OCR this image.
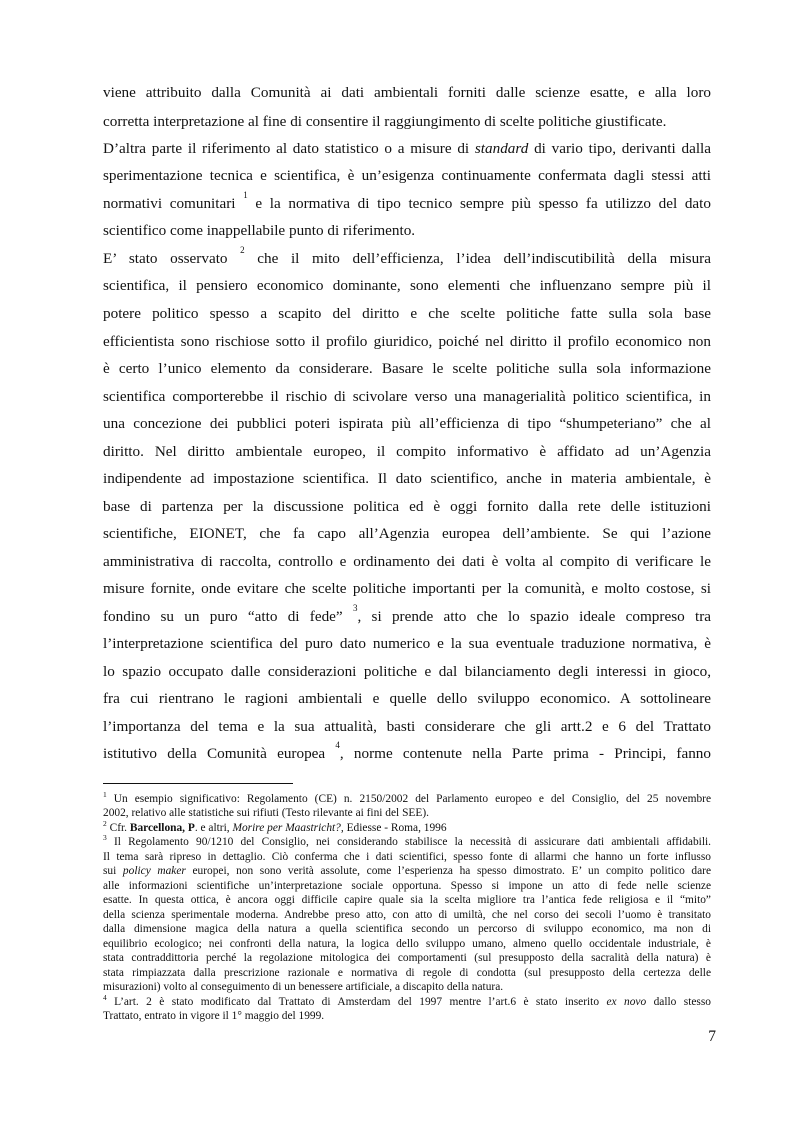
viene attribuito dalla Comunità ai dati ambientali forniti dalle scienze esatte, e alla loro
corretta interpretazione al fine di consentire il raggiungimento di scelte politiche giustificate.
D’altra parte il riferimento al dato statistico o a misure di standard di vario tipo, derivanti dalla
sperimentazione tecnica e scientifica, è un’esigenza continuamente confermata dagli stessi atti
normativi comunitari $^1$ e la normativa di tipo tecnico sempre più spesso fa utilizzo del dato
scientifico come inappellabile punto di riferimento.
E’ stato osservato $^2$ che il mito dell’efficienza, l’idea dell’indiscutibilità della misura
scientifica, il pensiero economico dominante, sono elementi che influenzano sempre più il
potere politico spesso a scapito del diritto e che scelte politiche fatte sulla sola base
efficientista sono rischiose sotto il profilo giuridico, poiché nel diritto il profilo economico non
è certo l’unico elemento da considerare. Basare le scelte politiche sulla sola informazione
scientifica comporterebbe il rischio di scivolare verso una managerialità politico scientifica, in
una concezione dei pubblici poteri ispirata più all’efficienza di tipo “shumpeteriano” che al
diritto. Nel diritto ambientale europeo, il compito informativo è affidato ad un’Agenzia
indipendente ad impostazione scientifica. Il dato scientifico, anche in materia ambientale, è
base di partenza per la discussione politica ed è oggi fornito dalla rete delle istituzioni
scientifiche, EIONET, che fa capo all’Agenzia europea dell’ambiente. Se qui l’azione
amministrativa di raccolta, controllo e ordinamento dei dati è volta al compito di verificare le
misure fornite, onde evitare che scelte politiche importanti per la comunità, e molto costose, si
fondino su un puro “atto di fede” $^3$, si prende atto che lo spazio ideale compreso tra
l’interpretazione scientifica del puro dato numerico e la sua eventuale traduzione normativa, è
lo spazio occupato dalle considerazioni politiche e dal bilanciamento degli interessi in gioco,
fra cui rientrano le ragioni ambientali e quelle dello sviluppo economico. A sottolineare
l’importanza del tema e la sua attualità, basti considerare che gli artt.2 e 6 del Trattato
istitutivo della Comunità europea $^4$, norme contenute nella Parte prima - Principi, fanno
$^1$ Un esempio significativo: Regolamento (CE) n. 2150/2002 del Parlamento europeo e del Consiglio, del 25 novembre
2002, relativo alle statistiche sui rifiuti (Testo rilevante ai fini del SEE).
$^2$ Cfr. Barcellona, P. e altri, Morire per Maastricht?, Ediesse - Roma, 1996
$^3$ Il Regolamento 90/1210 del Consiglio, nei considerando stabilisce la necessità di assicurare dati ambientali affidabili.
Il tema sarà ripreso in dettaglio. Ciò conferma che i dati scientifici, spesso fonte di allarmi che hanno un forte influsso
sui policy maker europei, non sono verità assolute, come l’esperienza ha spesso dimostrato. E’ un compito politico dare
alle informazioni scientifiche un’interpretazione sociale opportuna. Spesso si impone un atto di fede nelle scienze
esatte. In questa ottica, è ancora oggi difficile capire quale sia la scelta migliore tra l’antica fede religiosa e il “mito”
della scienza sperimentale moderna. Andrebbe preso atto, con atto di umiltà, che nel corso dei secoli l’uomo è transitato
dalla dimensione magica della natura a quella scientifica secondo un percorso di sviluppo economico, ma non di
equilibrio ecologico; nei confronti della natura, la logica dello sviluppo umano, almeno quello occidentale industriale, è
stata contraddittoria perché la regolazione mitologica dei comportamenti (sul presupposto della sacralità della natura) è
stata rimpiazzata dalla prescrizione razionale e normativa di regole di condotta (sul presupposto della certezza delle
misurazioni) volto al conseguimento di un benessere artificiale, a discapito della natura.
$^4$ L’art. 2 è stato modificato dal Trattato di Amsterdam del 1997 mentre l’art.6 è stato inserito ex novo dallo stesso
Trattato, entrato in vigore il 1° maggio del 1999.
7
